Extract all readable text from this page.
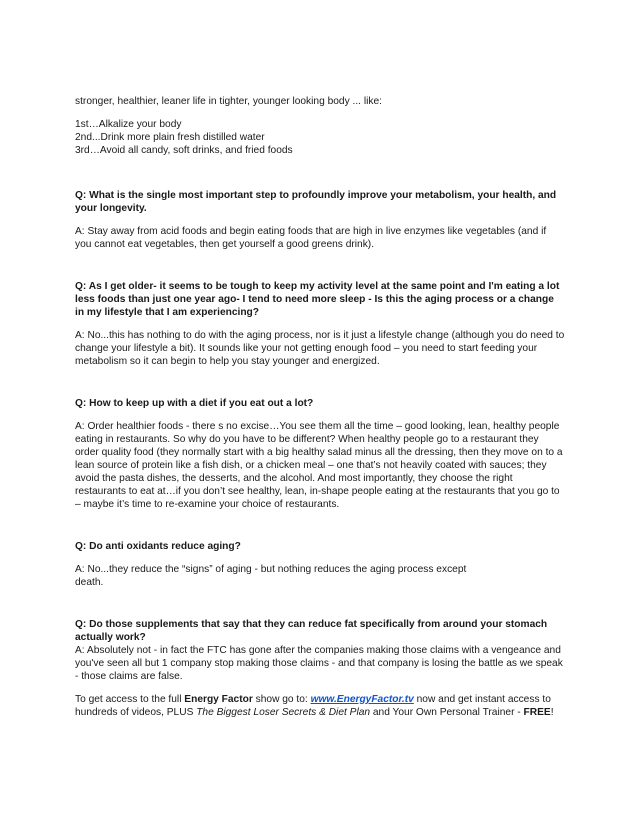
stronger, healthier, leaner life in tighter, younger looking body ... like:

1st…Alkalize your body

2nd...Drink more plain fresh distilled water

3rd…Avoid all candy, soft drinks, and fried foods

Q: What is the single most important step to profoundly improve your metabolism, your health, and your longevity.

A: Stay away from acid foods and begin eating foods that are high in live enzymes like vegetables (and if you cannot eat vegetables, then get yourself a good greens drink).

Q: As I get older- it seems to be tough to keep my activity level at the same point and I'm eating a lot less foods than just one year ago- I tend to need more sleep - Is this the aging process or a change in my lifestyle that I am experiencing?

A: No...this has nothing to do with the aging process, nor is it just a lifestyle change (although you do need to change your lifestyle a bit). It sounds like your not getting enough food – you need to start feeding your metabolism so it can begin to help you stay younger and energized.

Q: How to keep up with a diet if you eat out a lot?

A: Order healthier foods - there s no excise…You see them all the time – good looking, lean, healthy people eating in restaurants. So why do you have to be different? When healthy people go to a restaurant they order quality food (they normally start with a big healthy salad minus all the dressing, then they move on to a lean source of protein like a fish dish, or a chicken meal – one that’s not heavily coated with sauces; they avoid the pasta dishes, the desserts, and the alcohol. And most importantly, they choose the right restaurants to eat at…if you don’t see healthy, lean, in-shape people eating at the restaurants that you go to – maybe it’s time to re-examine your choice of restaurants.

Q: Do anti oxidants reduce aging?

A: No...they reduce the “signs” of aging - but nothing reduces the aging process except death.

Q: Do those supplements that say that they can reduce fat specifically from around your stomach actually work?

A: Absolutely not - in fact the FTC has gone after the companies making those claims with a vengeance and you've seen all but 1 company stop making those claims - and that company is losing the battle as we speak - those claims are false.

To get access to the full Energy Factor show go to: www.EnergyFactor.tv now and get instant access to hundreds of videos, PLUS The Biggest Loser Secrets & Diet Plan and Your Own Personal Trainer - FREE!
